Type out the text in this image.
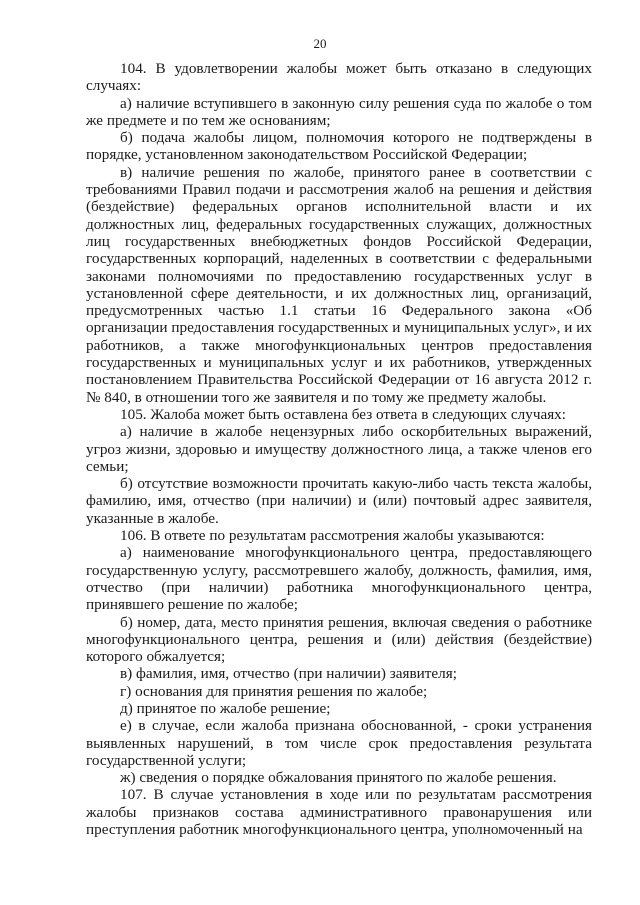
20

104. В удовлетворении жалобы может быть отказано в следующих случаях:

а) наличие вступившего в законную силу решения суда по жалобе о том же предмете и по тем же основаниям;

б) подача жалобы лицом, полномочия которого не подтверждены в порядке, установленном законодательством Российской Федерации;

в) наличие решения по жалобе, принятого ранее в соответствии с требованиями Правил подачи и рассмотрения жалоб на решения и действия (бездействие) федеральных органов исполнительной власти и их должностных лиц, федеральных государственных служащих, должностных лиц государственных внебюджетных фондов Российской Федерации, государственных корпораций, наделенных в соответствии с федеральными законами полномочиями по предоставлению государственных услуг в установленной сфере деятельности, и их должностных лиц, организаций, предусмотренных частью 1.1 статьи 16 Федерального закона «Об организации предоставления государственных и муниципальных услуг», и их работников, а также многофункциональных центров предоставления государственных и муниципальных услуг и их работников, утвержденных постановлением Правительства Российской Федерации от 16 августа 2012 г. № 840, в отношении того же заявителя и по тому же предмету жалобы.

105. Жалоба может быть оставлена без ответа в следующих случаях:

а) наличие в жалобе нецензурных либо оскорбительных выражений, угроз жизни, здоровью и имуществу должностного лица, а также членов его семьи;

б) отсутствие возможности прочитать какую-либо часть текста жалобы, фамилию, имя, отчество (при наличии) и (или) почтовый адрес заявителя, указанные в жалобе.

106. В ответе по результатам рассмотрения жалобы указываются:

а) наименование многофункционального центра, предоставляющего государственную услугу, рассмотревшего жалобу, должность, фамилия, имя, отчество (при наличии) работника многофункционального центра, принявшего решение по жалобе;

б) номер, дата, место принятия решения, включая сведения о работнике многофункционального центра, решения и (или) действия (бездействие) которого обжалуется;

в) фамилия, имя, отчество (при наличии) заявителя;

г) основания для принятия решения по жалобе;

д) принятое по жалобе решение;

е) в случае, если жалоба признана обоснованной, - сроки устранения выявленных нарушений, в том числе срок предоставления результата государственной услуги;

ж) сведения о порядке обжалования принятого по жалобе решения.

107. В случае установления в ходе или по результатам рассмотрения жалобы признаков состава административного правонарушения или преступления работник многофункционального центра, уполномоченный на
